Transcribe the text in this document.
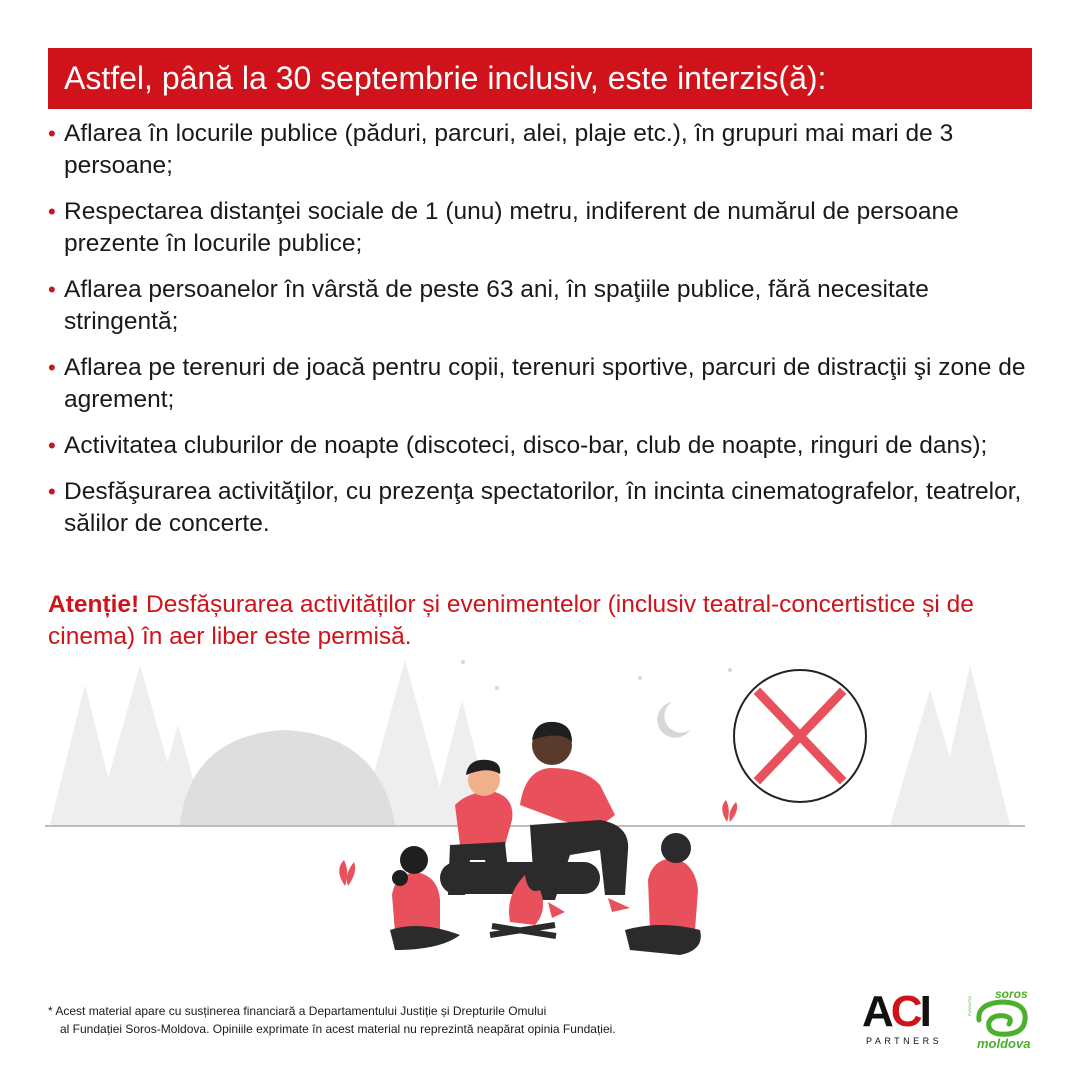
Astfel, până la 30 septembrie inclusiv, este interzis(ă):
• Aflarea în locurile publice (păduri, parcuri, alei, plaje etc.), în grupuri mai mari de 3 persoane;
• Respectarea distanţei sociale de 1 (unu) metru, indiferent de numărul de persoane prezente în locurile publice;
• Aflarea persoanelor în vârstă de peste 63 ani, în spaţiile publice, fără necesitate stringentă;
• Aflarea pe terenuri de joacă pentru copii, terenuri sportive, parcuri de distracţii şi zone de agrement;
• Activitatea cluburilor de noapte (discoteci, disco-bar, club de noapte, ringuri de dans);
• Desfăşurarea activităţilor, cu prezenţa spectatorilor, în incinta cinematografelor, teatrelor, sălilor de concerte.
Atenție! Desfășurarea activităților și evenimentelor (inclusiv teatral-concertistice și de cinema) în aer liber este permisă.
* Acest material apare cu susținerea financiară a Departamentului Justiție și Drepturile Omului
al Fundației Soros-Moldova. Opiniile exprimate în acest material nu reprezintă neapărat opinia Fundației.	ACI
PARTNERS
soros
FUNDAȚIA
moldova
